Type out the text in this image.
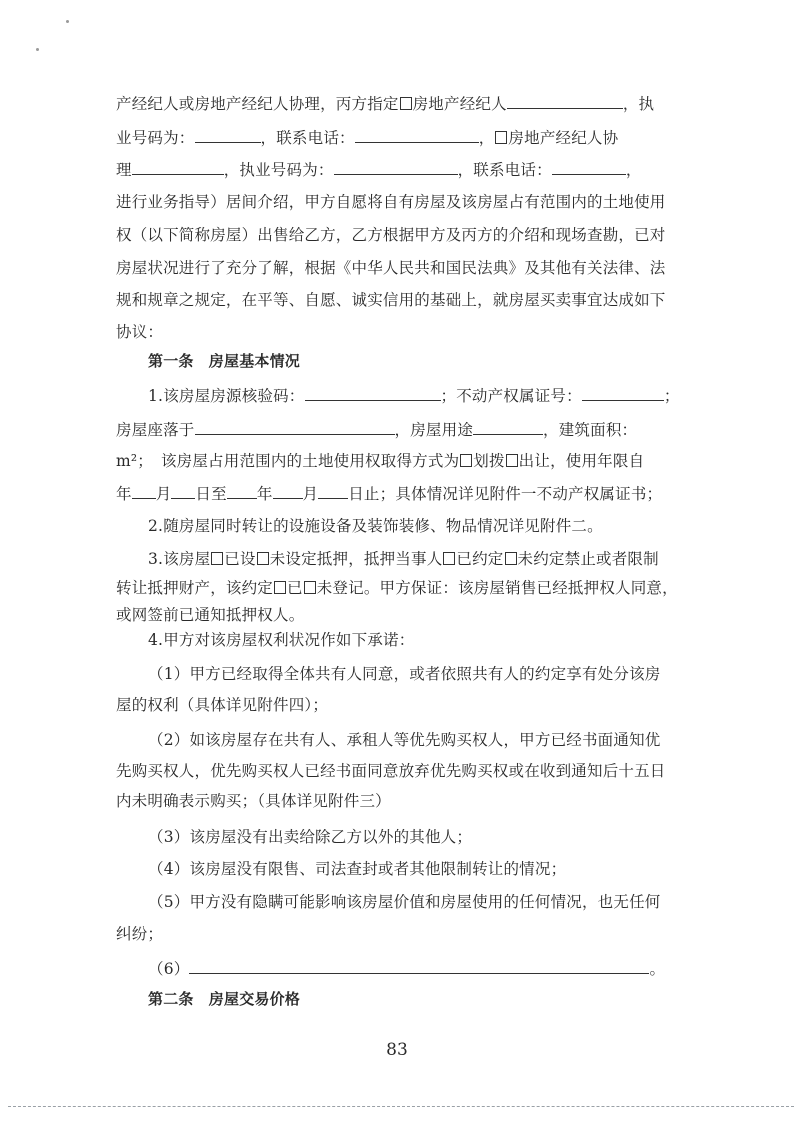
产经纪人或房地产经纪人协理，丙方指定 房地产经纪人	，执
业号码为：	，联系电话：	， 房地产经纪人协
理	，执业号码为：	，联系电话：	，
进行业务指导）居间介绍，甲方自愿将自有房屋及该房屋占有范围内的土地使用
权（以下简称房屋）出售给乙方，乙方根据甲方及丙方的介绍和现场查勘，已对
房屋状况进行了充分了解，根据《中华人民共和国民法典》及其他有关法律、法
规和规章之规定，在平等、自愿、诚实信用的基础上，就房屋买卖事宜达成如下
协议：
第一条　房屋基本情况
1.该房屋房源核验码：	；不动产权属证号：	；
房屋座落于	，房屋用途	，建筑面积：
m²；　该房屋占用范围内的土地使用权取得方式为 划拨 出让，使用年限自
年 月 日至 年 月 日止；具体情况详见附件一不动产权属证书；
2.随房屋同时转让的设施设备及装饰装修、物品情况详见附件二。
3.该房屋 已设 未设定抵押，抵押当事人 已约定 未约定禁止或者限制
转让抵押财产，该约定 已 未登记。甲方保证：该房屋销售已经抵押权人同意，
或网签前已通知抵押权人。
4.甲方对该房屋权利状况作如下承诺：
（1）甲方已经取得全体共有人同意，或者依照共有人的约定享有处分该房
屋的权利（具体详见附件四）；
（2）如该房屋存在共有人、承租人等优先购买权人，甲方已经书面通知优
先购买权人，优先购买权人已经书面同意放弃优先购买权或在收到通知后十五日
内未明确表示购买；（具体详见附件三）
（3）该房屋没有出卖给除乙方以外的其他人；
（4）该房屋没有限售、司法查封或者其他限制转让的情况；
（5）甲方没有隐瞒可能影响该房屋价值和房屋使用的任何情况，也无任何
纠纷；
（6）	。
第二条　房屋交易价格
83
